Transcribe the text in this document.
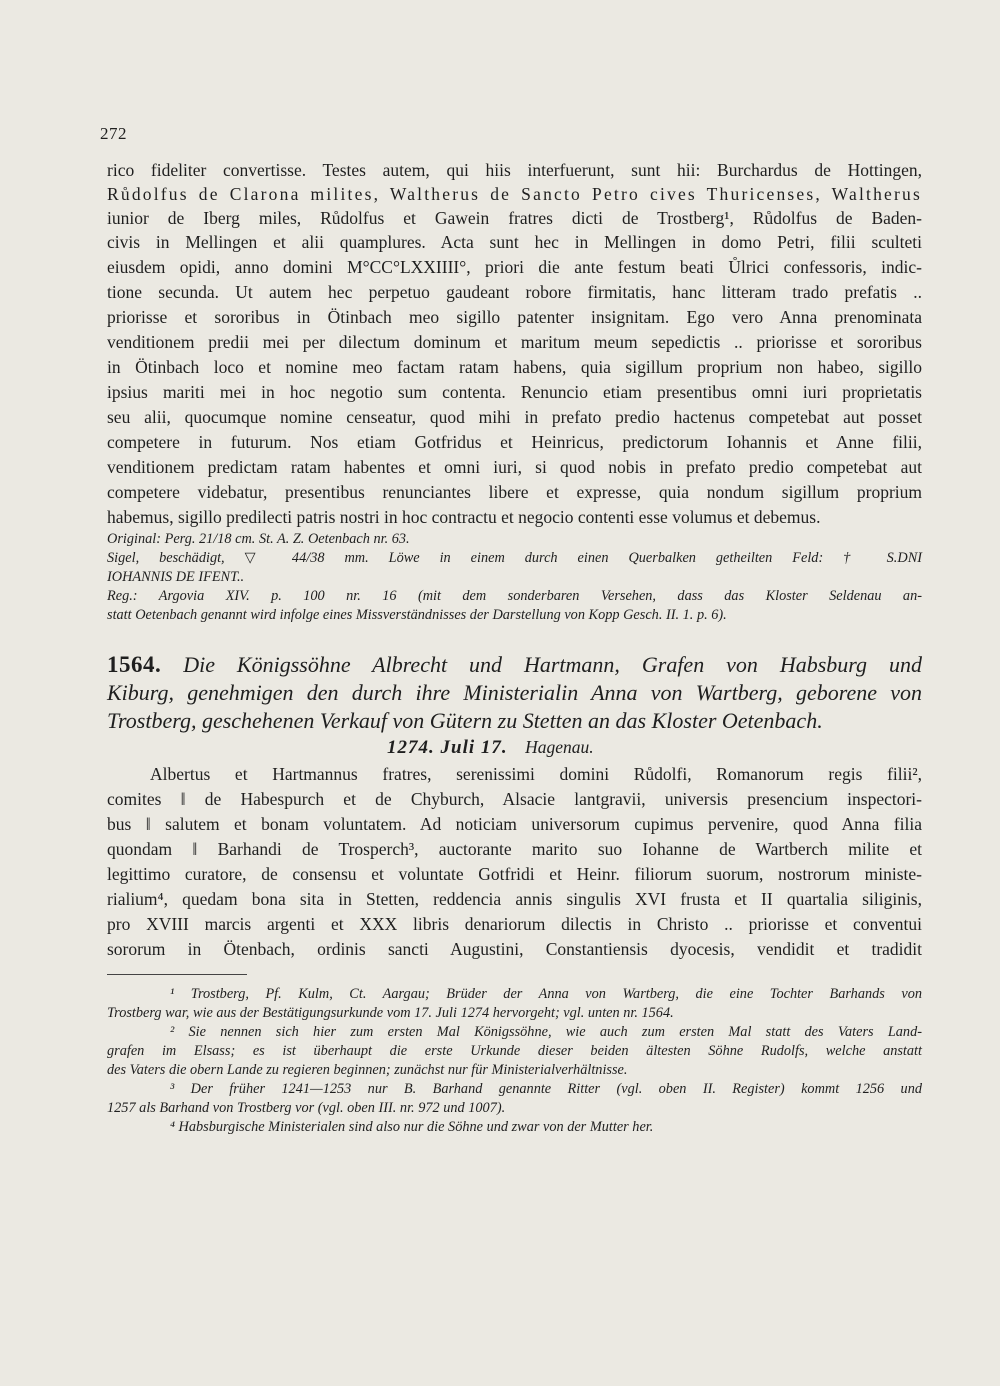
272
rico fideliter convertisse. Testes autem, qui hiis interfuerunt, sunt hii: Burchardus de Hottingen,
Růdolfus de Clarona milites, Waltherus de Sancto Petro cives Thuricenses, Waltherus
iunior de Iberg miles, Růdolfus et Gawein fratres dicti de Trostberg¹, Růdolfus de Baden-
civis in Mellingen et alii quamplures. Acta sunt hec in Mellingen in domo Petri, filii sculteti
eiusdem opidi, anno domini M°CC°LXXIIII°, priori die ante festum beati Ůlrici confessoris, indic-
tione secunda. Ut autem hec perpetuo gaudeant robore firmitatis, hanc litteram trado prefatis ..
priorisse et sororibus in Ötinbach meo sigillo patenter insignitam. Ego vero Anna prenominata
venditionem predii mei per dilectum dominum et maritum meum sepedictis .. priorisse et sororibus
in Ötinbach loco et nomine meo factam ratam habens, quia sigillum proprium non habeo, sigillo
ipsius mariti mei in hoc negotio sum contenta. Renuncio etiam presentibus omni iuri proprietatis
seu alii, quocumque nomine censeatur, quod mihi in prefato predio hactenus competebat aut posset
competere in futurum. Nos etiam Gotfridus et Heinricus, predictorum Iohannis et Anne filii,
venditionem predictam ratam habentes et omni iuri, si quod nobis in prefato predio competebat aut
competere videbatur, presentibus renunciantes libere et expresse, quia nondum sigillum proprium
habemus, sigillo predilecti patris nostri in hoc contractu et negocio contenti esse volumus et debemus.
Original: Perg. 21/18 cm. St. A. Z. Oetenbach nr. 63.
Sigel, beschädigt, ▽ 44/38 mm. Löwe in einem durch einen Querbalken getheilten Feld: † S.DNI
IOHANNIS DE IFENT..
Reg.: Argovia XIV. p. 100 nr. 16 (mit dem sonderbaren Versehen, dass das Kloster Seldenau an-
statt Oetenbach genannt wird infolge eines Missverständnisses der Darstellung von Kopp Gesch. II. 1. p. 6).
1564. Die Königssöhne Albrecht und Hartmann, Grafen von Habsburg und
Kiburg, genehmigen den durch ihre Ministerialin Anna von Wartberg, geborene von
Trostberg, geschehenen Verkauf von Gütern zu Stetten an das Kloster Oetenbach.
1274. Juli 17. Hagenau.
Albertus et Hartmannus fratres, serenissimi domini Růdolfi, Romanorum regis filii²,
comites ‖ de Habespurch et de Chyburch, Alsacie lantgravii, universis presencium inspectori-
bus ‖ salutem et bonam voluntatem. Ad noticiam universorum cupimus pervenire, quod Anna filia
quondam ‖ Barhandi de Trosperch³, auctorante marito suo Iohanne de Wartberch milite et
legittimo curatore, de consensu et voluntate Gotfridi et Heinr. filiorum suorum, nostrorum ministe-
rialium⁴, quedam bona sita in Stetten, reddencia annis singulis XVI frusta et II quartalia siliginis,
pro XVIII marcis argenti et XXX libris denariorum dilectis in Christo .. priorisse et conventui
sororum in Ötenbach, ordinis sancti Augustini, Constantiensis dyocesis, vendidit et tradidit
¹ Trostberg, Pf. Kulm, Ct. Aargau; Brüder der Anna von Wartberg, die eine Tochter Barhands von
Trostberg war, wie aus der Bestätigungsurkunde vom 17. Juli 1274 hervorgeht; vgl. unten nr. 1564.
² Sie nennen sich hier zum ersten Mal Königssöhne, wie auch zum ersten Mal statt des Vaters Land-
grafen im Elsass; es ist überhaupt die erste Urkunde dieser beiden ältesten Söhne Rudolfs, welche anstatt
des Vaters die obern Lande zu regieren beginnen; zunächst nur für Ministerialverhältnisse.
³ Der früher 1241—1253 nur B. Barhand genannte Ritter (vgl. oben II. Register) kommt 1256 und
1257 als Barhand von Trostberg vor (vgl. oben III. nr. 972 und 1007).
⁴ Habsburgische Ministerialen sind also nur die Söhne und zwar von der Mutter her.
